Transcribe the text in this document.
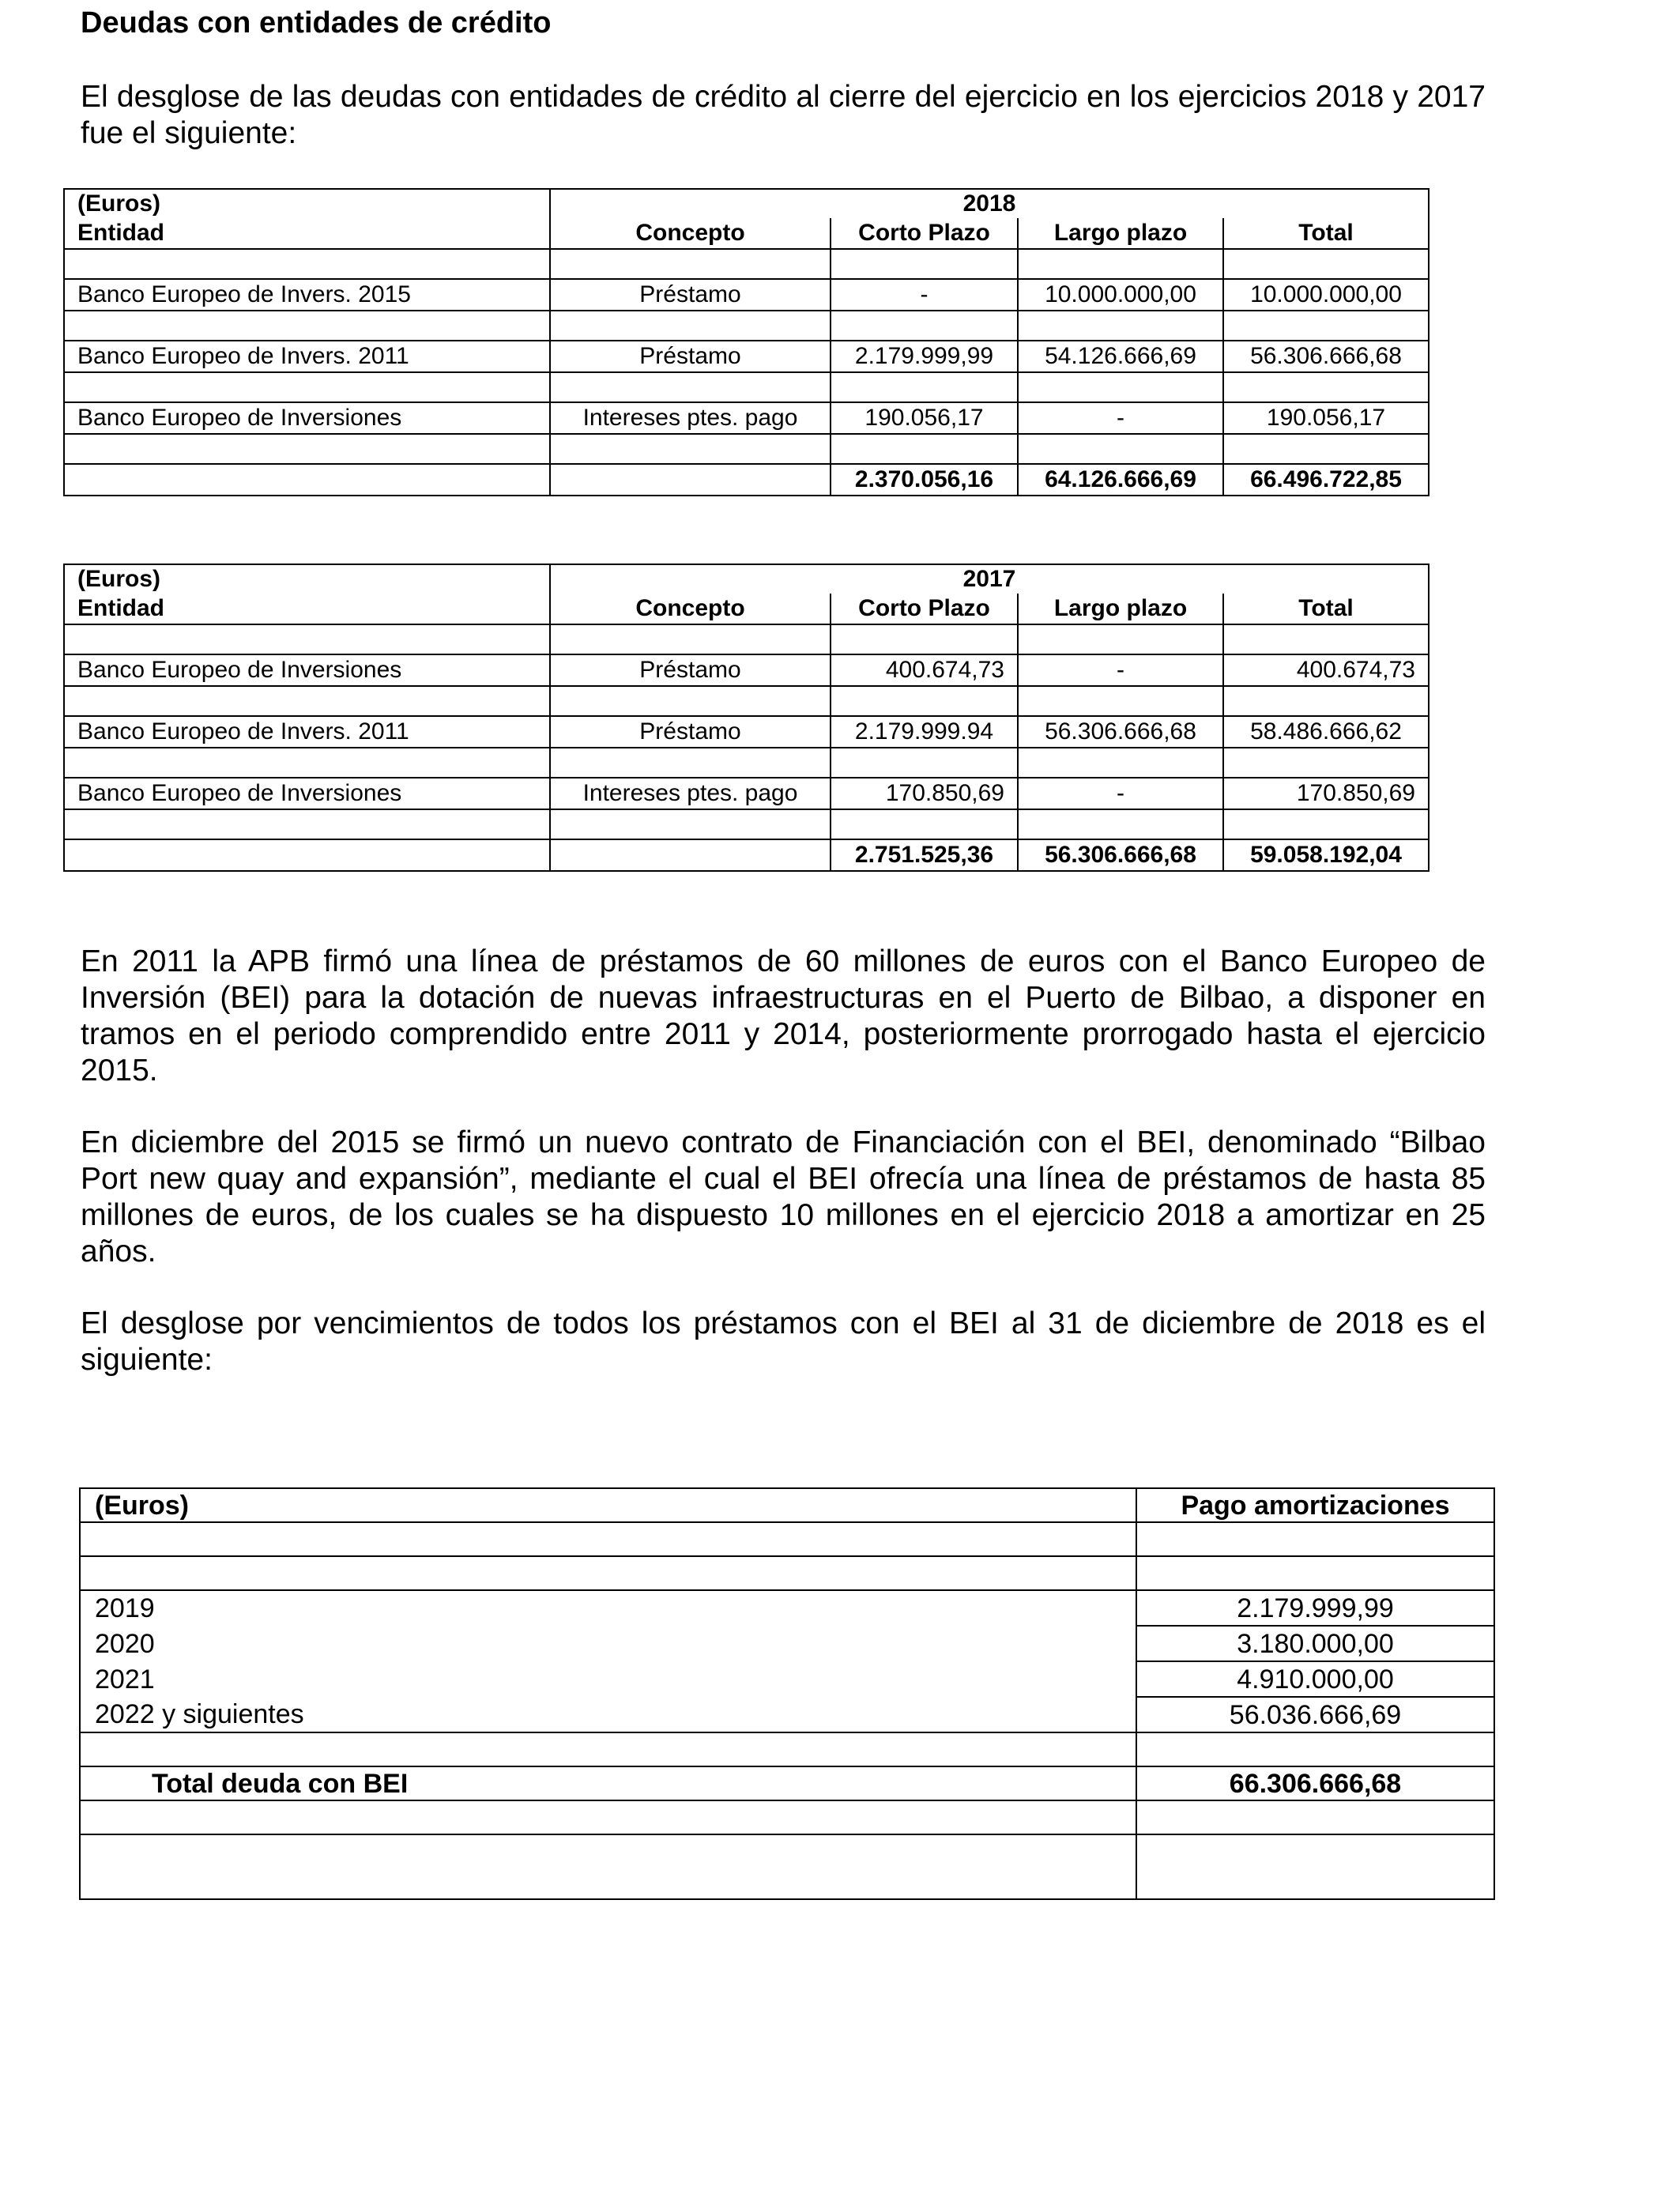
Deudas con entidades de crédito

El desglose de las deudas con entidades de crédito al cierre del ejercicio en los ejercicios 2018 y 2017 fue el siguiente:

(Euros)	2018			
Entidad	Concepto	Corto Plazo	Largo plazo	Total

Banco Europeo de Invers. 2015	Préstamo	-	10.000.000,00	10.000.000,00

Banco Europeo de Invers. 2011	Préstamo	2.179.999,99	54.126.666,69	56.306.666,68

Banco Europeo de Inversiones	Intereses ptes. pago	190.056,17	-	190.056,17

		2.370.056,16	64.126.666,69	66.496.722,85
(Euros)	2017			
Entidad	Concepto	Corto Plazo	Largo plazo	Total

Banco Europeo de Inversiones	Préstamo	400.674,73	-	400.674,73

Banco Europeo de Invers. 2011	Préstamo	2.179.999.94	56.306.666,68	58.486.666,62

Banco Europeo de Inversiones	Intereses ptes. pago	170.850,69	-	170.850,69

		2.751.525,36	56.306.666,68	59.058.192,04

En 2011 la APB firmó una línea de préstamos de 60 millones de euros con el Banco Europeo de Inversión (BEI) para la dotación de nuevas infraestructuras en el Puerto de Bilbao, a disponer en tramos en el periodo comprendido entre 2011 y 2014, posteriormente prorrogado hasta el ejercicio 2015.

En diciembre del 2015 se firmó un nuevo contrato de Financiación con el BEI, denominado “Bilbao Port new quay and expansión”, mediante el cual el BEI ofrecía una línea de préstamos de hasta 85 millones de euros, de los cuales se ha dispuesto 10 millones en el ejercicio 2018 a amortizar en 25 años.

El desglose por vencimientos de todos los préstamos con el BEI al 31 de diciembre de 2018 es el siguiente:

(Euros)	Pago amortizaciones

2019	2.179.999,99
2020	3.180.000,00
2021	4.910.000,00
2022 y siguientes	56.036.666,69

Total deuda con BEI	66.306.666,68
